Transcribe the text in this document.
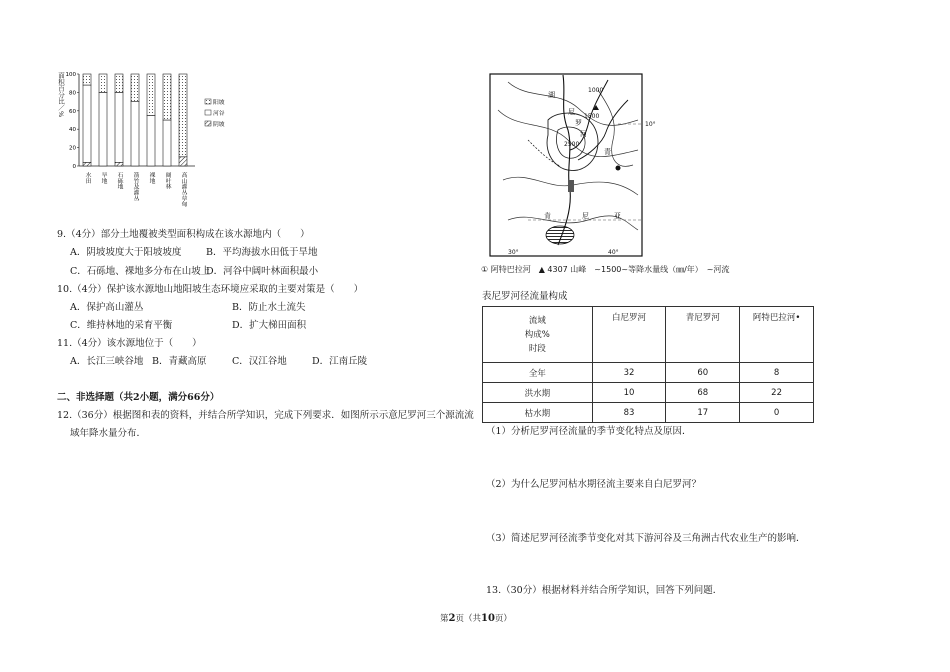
面积百分比／%
0
20
40
60
80
100
水田 旱地 石砾地 箭竹及灌丛 裸地 阔叶林 高山灌丛草甸
阳坡
河谷
阴坡
9.（4分）部分土地覆被类型面积构成在该水源地内（　　）
A．阴坡坡度大于阳坡坡度	B．平均海拔水田低于旱地
C．石砾地、裸地多分布在山坡上
D．河谷中阔叶林面积最小
10.（4分）保护该水源地山地阳坡生态环境应采取的主要对策是（　　）
A．保护高山灌丛	B．防止水土流失
C．维持林地的采育平衡	D．扩大梯田面积
11.（4分）该水源地位于（　　）
A．长江三峡谷地 B．青藏高原	C．汉江谷地	D．江南丘陵
二、非选择题（共2小题，满分66分）
12.（36分）根据图和表的资料，并结合所学知识，完成下列要求．如图所示示意尼罗河三个源流流
域年降水量分布．
湖
1000
1500
2500
尼
罗
河
青
肯	尼	亚
30°	40°
10°
① 阿特巴拉河　▲ 4307 山峰　~1500~等降水量线（㎜/年）　~河流
表尼罗河径流量构成
流域
构成%
时段	白尼罗河	青尼罗河	阿特巴拉河•
全年	32	60	8
洪水期	10	68	22
枯水期	83	17	0
（1）分析尼罗河径流量的季节变化特点及原因．
（2）为什么尼罗河枯水期径流主要来自白尼罗河？
（3）简述尼罗河径流季节变化对其下游河谷及三角洲古代农业生产的影响．
13.（30分）根据材料并结合所学知识，回答下列问题．
第2页（共10页）
